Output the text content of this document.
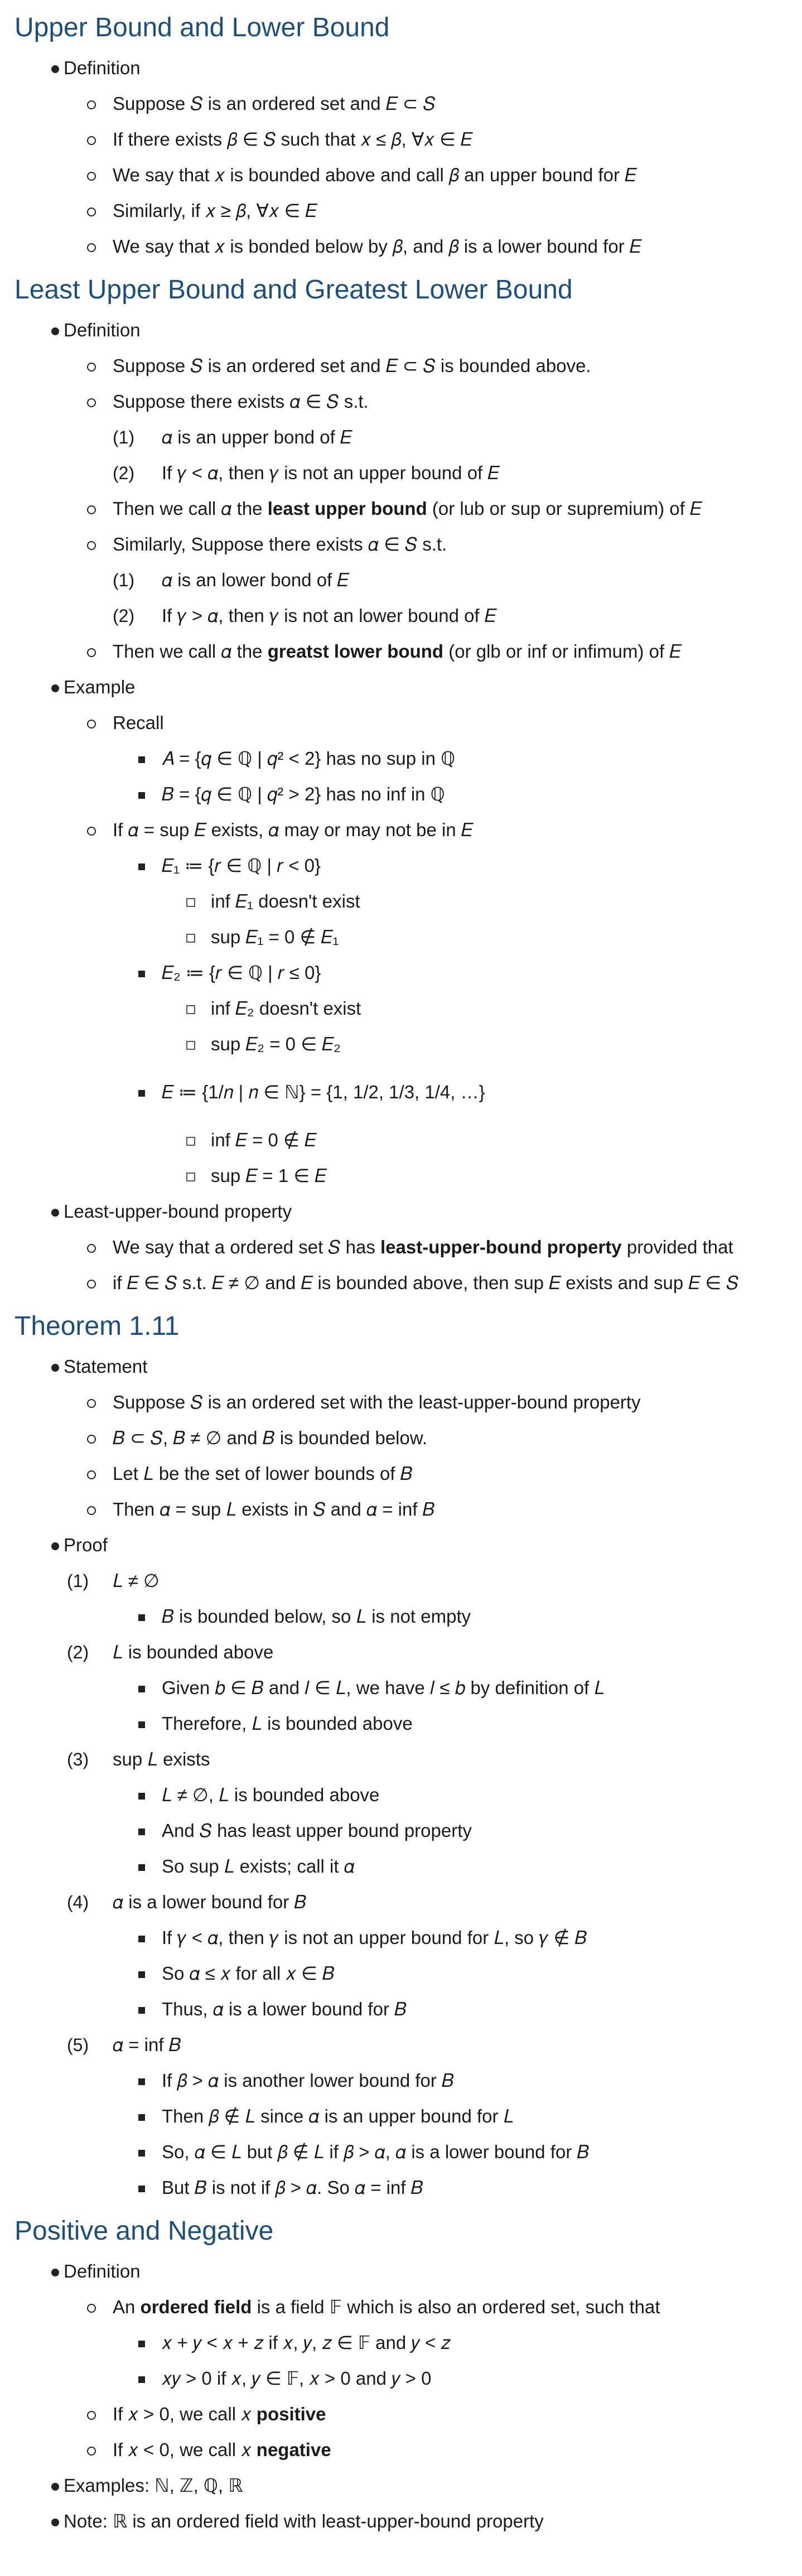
Upper Bound and Lower Bound
Definition
Suppose 𝑆 is an ordered set and 𝐸 ⊂ 𝑆
If there exists 𝛽 ∈ 𝑆 such that 𝑥 ≤ 𝛽, ∀𝑥 ∈ 𝐸
We say that 𝑥 is bounded above and call 𝛽 an upper bound for 𝐸
Similarly, if 𝑥 ≥ 𝛽, ∀𝑥 ∈ 𝐸
We say that 𝑥 is bonded below by 𝛽, and 𝛽 is a lower bound for 𝐸
Least Upper Bound and Greatest Lower Bound
Definition
Suppose 𝑆 is an ordered set and 𝐸 ⊂ 𝑆 is bounded above.
Suppose there exists 𝛼 ∈ 𝑆 s.t.
(1) 𝛼 is an upper bond of 𝐸
(2) If 𝛾 < 𝛼, then 𝛾 is not an upper bound of 𝐸
Then we call 𝛼 the least upper bound (or lub or sup or supremium) of 𝐸
Similarly, Suppose there exists 𝛼 ∈ 𝑆 s.t.
(1) 𝛼 is an lower bond of 𝐸
(2) If 𝛾 > 𝛼, then 𝛾 is not an lower bound of 𝐸
Then we call 𝛼 the greatst lower bound (or glb or inf or infimum) of 𝐸
Example
Recall
𝐴 = {𝑞 ∈ ℚ | 𝑞² < 2} has no sup in ℚ
𝐵 = {𝑞 ∈ ℚ | 𝑞² > 2} has no inf in ℚ
If 𝛼 = sup 𝐸 exists, 𝛼 may or may not be in 𝐸
𝐸₁ ≔ {𝑟 ∈ ℚ | 𝑟 < 0}
inf 𝐸₁ doesn't exist
sup 𝐸₁ = 0 ∉ 𝐸₁
𝐸₂ ≔ {𝑟 ∈ ℚ | 𝑟 ≤ 0}
inf 𝐸₂ doesn't exist
sup 𝐸₂ = 0 ∈ 𝐸₂
𝐸 ≔ {1/𝑛 | 𝑛 ∈ ℕ} = {1, 1/2, 1/3, 1/4, …}
inf 𝐸 = 0 ∉ 𝐸
sup 𝐸 = 1 ∈ 𝐸
Least-upper-bound property
We say that a ordered set 𝑆 has least-upper-bound property provided that
if 𝐸 ∈ 𝑆 s.t. 𝐸 ≠ ∅ and 𝐸 is bounded above, then sup 𝐸 exists and sup 𝐸 ∈ 𝑆
Theorem 1.11
Statement
Suppose 𝑆 is an ordered set with the least-upper-bound property
𝐵 ⊂ 𝑆, 𝐵 ≠ ∅ and 𝐵 is bounded below.
Let 𝐿 be the set of lower bounds of 𝐵
Then 𝛼 = sup 𝐿 exists in 𝑆 and 𝛼 = inf 𝐵
Proof
(1) 𝐿 ≠ ∅
𝐵 is bounded below, so 𝐿 is not empty
(2) 𝐿 is bounded above
Given 𝑏 ∈ 𝐵 and 𝑙 ∈ 𝐿, we have 𝑙 ≤ 𝑏 by definition of 𝐿
Therefore, 𝐿 is bounded above
(3) sup 𝐿 exists
𝐿 ≠ ∅, 𝐿 is bounded above
And 𝑆 has least upper bound property
So sup 𝐿 exists; call it 𝛼
(4) 𝛼 is a lower bound for 𝐵
If 𝛾 < 𝛼, then 𝛾 is not an upper bound for 𝐿, so 𝛾 ∉ 𝐵
So 𝛼 ≤ 𝑥 for all 𝑥 ∈ 𝐵
Thus, 𝛼 is a lower bound for 𝐵
(5) 𝛼 = inf 𝐵
If 𝛽 > 𝛼 is another lower bound for 𝐵
Then 𝛽 ∉ 𝐿 since 𝛼 is an upper bound for 𝐿
So, 𝛼 ∈ 𝐿 but 𝛽 ∉ 𝐿 if 𝛽 > 𝛼, 𝛼 is a lower bound for 𝐵
But 𝐵 is not if 𝛽 > 𝛼. So 𝛼 = inf 𝐵
Positive and Negative
Definition
An ordered field is a field 𝔽 which is also an ordered set, such that
𝑥 + 𝑦 < 𝑥 + 𝑧 if 𝑥, 𝑦, 𝑧 ∈ 𝔽 and 𝑦 < 𝑧
𝑥𝑦 > 0 if 𝑥, 𝑦 ∈ 𝔽, 𝑥 > 0 and 𝑦 > 0
If 𝑥 > 0, we call 𝑥 positive
If 𝑥 < 0, we call 𝑥 negative
Examples: ℕ, ℤ, ℚ, ℝ
Note: ℝ is an ordered field with least-upper-bound property
